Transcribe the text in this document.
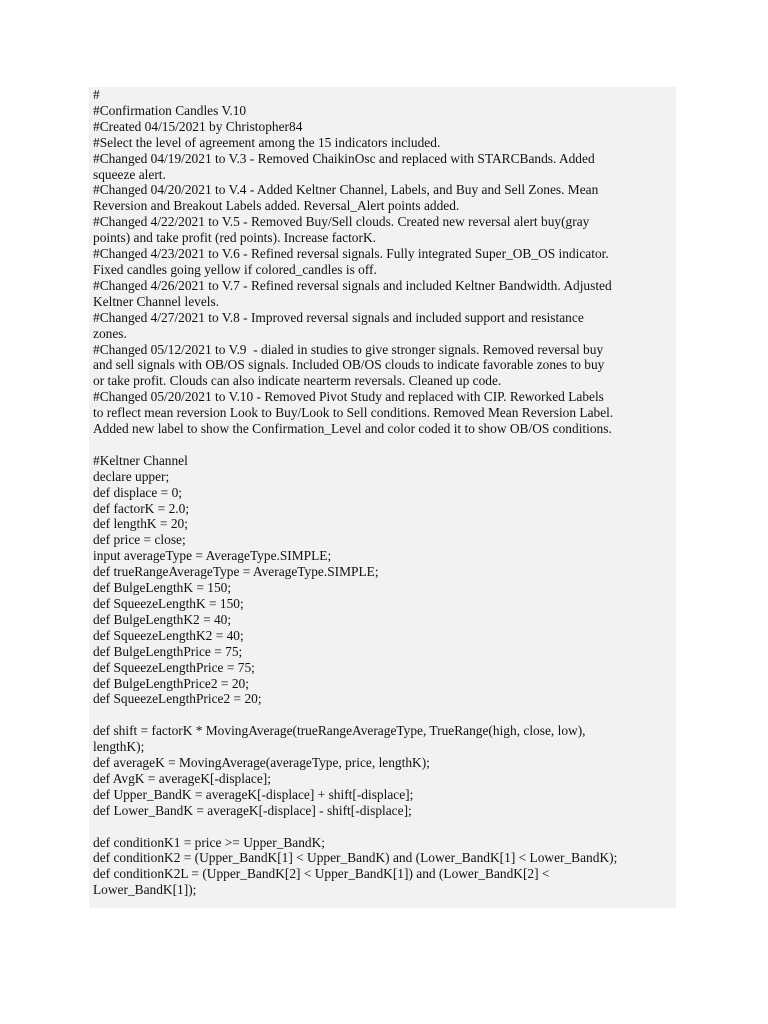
#
#Confirmation Candles V.10
#Created 04/15/2021 by Christopher84
#Select the level of agreement among the 15 indicators included.
#Changed 04/19/2021 to V.3 - Removed ChaikinOsc and replaced with STARCBands. Added
squeeze alert.
#Changed 04/20/2021 to V.4 - Added Keltner Channel, Labels, and Buy and Sell Zones. Mean
Reversion and Breakout Labels added. Reversal_Alert points added.
#Changed 4/22/2021 to V.5 - Removed Buy/Sell clouds. Created new reversal alert buy(gray
points) and take profit (red points). Increase factorK.
#Changed 4/23/2021 to V.6 - Refined reversal signals. Fully integrated Super_OB_OS indicator.
Fixed candles going yellow if colored_candles is off.
#Changed 4/26/2021 to V.7 - Refined reversal signals and included Keltner Bandwidth. Adjusted
Keltner Channel levels.
#Changed 4/27/2021 to V.8 - Improved reversal signals and included support and resistance
zones.
#Changed 05/12/2021 to V.9  - dialed in studies to give stronger signals. Removed reversal buy
and sell signals with OB/OS signals. Included OB/OS clouds to indicate favorable zones to buy
or take profit. Clouds can also indicate nearterm reversals. Cleaned up code.
#Changed 05/20/2021 to V.10 - Removed Pivot Study and replaced with CIP. Reworked Labels
to reflect mean reversion Look to Buy/Look to Sell conditions. Removed Mean Reversion Label.
Added new label to show the Confirmation_Level and color coded it to show OB/OS conditions.
#Keltner Channel
declare upper;
def displace = 0;
def factorK = 2.0;
def lengthK = 20;
def price = close;
input averageType = AverageType.SIMPLE;
def trueRangeAverageType = AverageType.SIMPLE;
def BulgeLengthK = 150;
def SqueezeLengthK = 150;
def BulgeLengthK2 = 40;
def SqueezeLengthK2 = 40;
def BulgeLengthPrice = 75;
def SqueezeLengthPrice = 75;
def BulgeLengthPrice2 = 20;
def SqueezeLengthPrice2 = 20;
def shift = factorK * MovingAverage(trueRangeAverageType, TrueRange(high, close, low),
lengthK);
def averageK = MovingAverage(averageType, price, lengthK);
def AvgK = averageK[-displace];
def Upper_BandK = averageK[-displace] + shift[-displace];
def Lower_BandK = averageK[-displace] - shift[-displace];
def conditionK1 = price >= Upper_BandK;
def conditionK2 = (Upper_BandK[1] < Upper_BandK) and (Lower_BandK[1] < Lower_BandK);
def conditionK2L = (Upper_BandK[2] < Upper_BandK[1]) and (Lower_BandK[2] <
Lower_BandK[1]);
